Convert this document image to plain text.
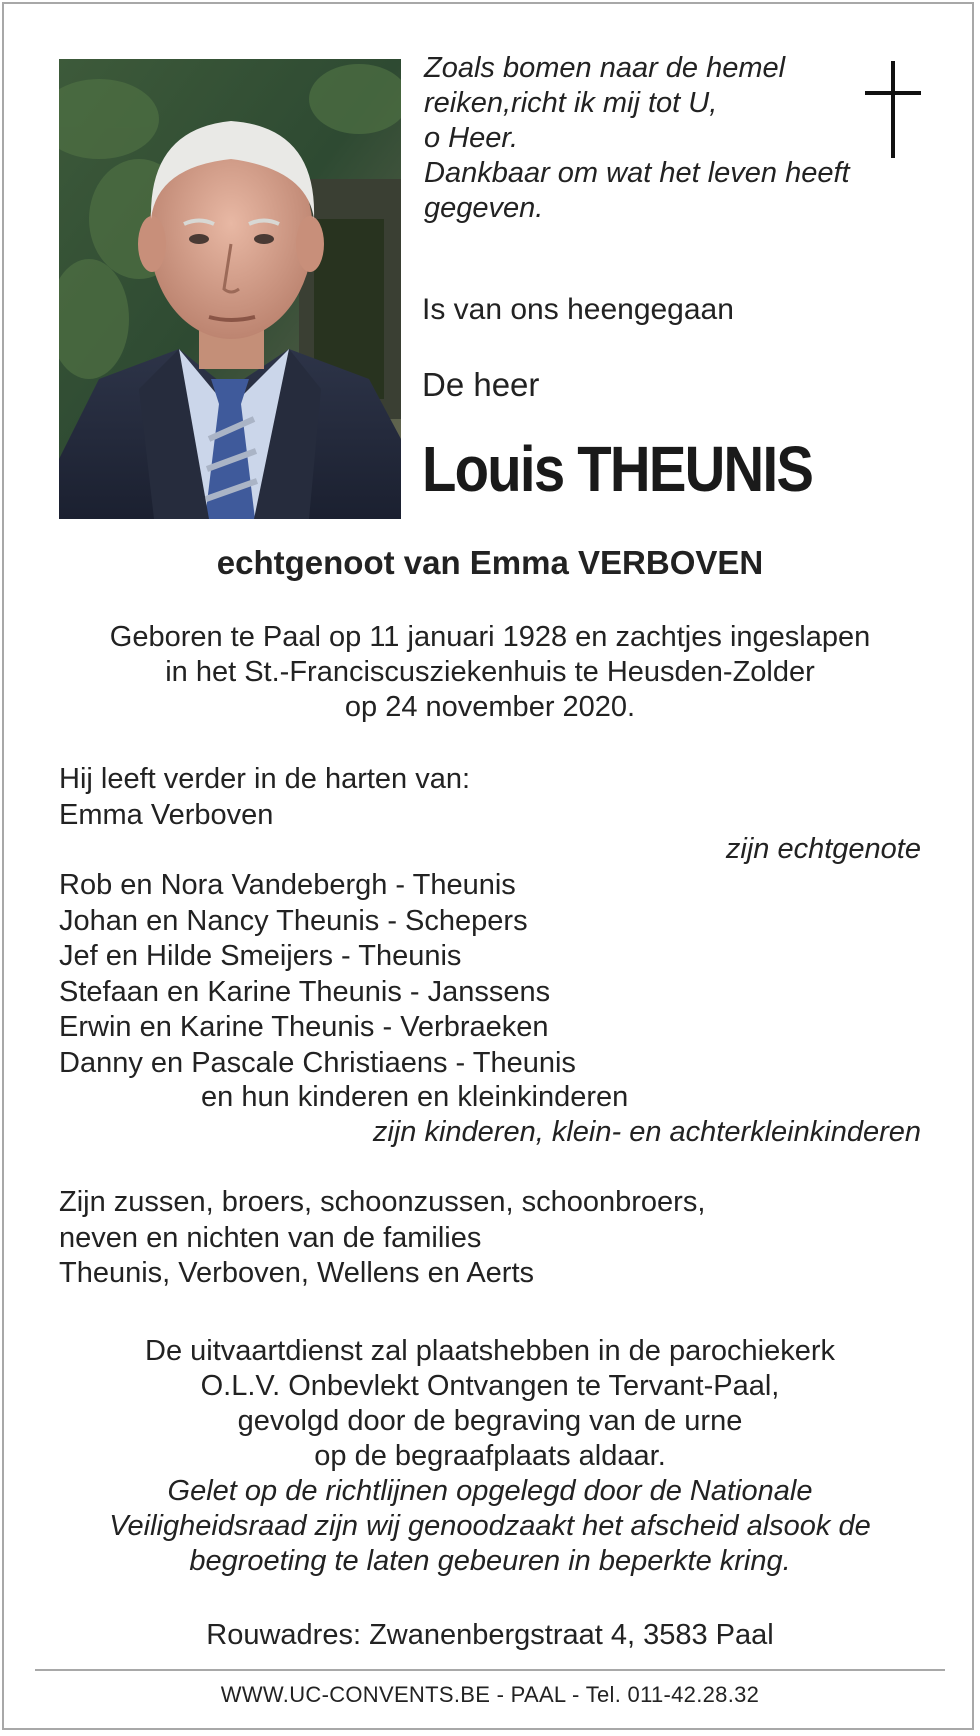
Zoals bomen naar de hemel
reiken,richt ik mij tot U,
o Heer.
Dankbaar om wat het leven heeft
gegeven.
Is van ons heengegaan
De heer
Louis THEUNIS
echtgenoot van Emma VERBOVEN
Geboren te Paal op 11 januari 1928 en zachtjes ingeslapen
in het St.-Franciscusziekenhuis te Heusden-Zolder
op 24 november 2020.
Hij leeft verder in de harten van:
Emma Verboven
zijn echtgenote
Rob en Nora Vandebergh - Theunis
Johan en Nancy Theunis - Schepers
Jef en Hilde Smeijers - Theunis
Stefaan en Karine Theunis - Janssens
Erwin en Karine Theunis - Verbraeken
Danny en Pascale Christiaens - Theunis
en hun kinderen en kleinkinderen
zijn kinderen, klein- en achterkleinkinderen
Zijn zussen, broers, schoonzussen, schoonbroers,
neven en nichten van de families
Theunis, Verboven, Wellens en Aerts
De uitvaartdienst zal plaatshebben in de parochiekerk
O.L.V. Onbevlekt Ontvangen te Tervant-Paal,
gevolgd door de begraving van de urne
op de begraafplaats aldaar.
Gelet op de richtlijnen opgelegd door de Nationale
Veiligheidsraad zijn wij genoodzaakt het afscheid alsook de
begroeting te laten gebeuren in beperkte kring.
Rouwadres: Zwanenbergstraat 4, 3583 Paal
WWW.UC-CONVENTS.BE - PAAL - Tel. 011-42.28.32
